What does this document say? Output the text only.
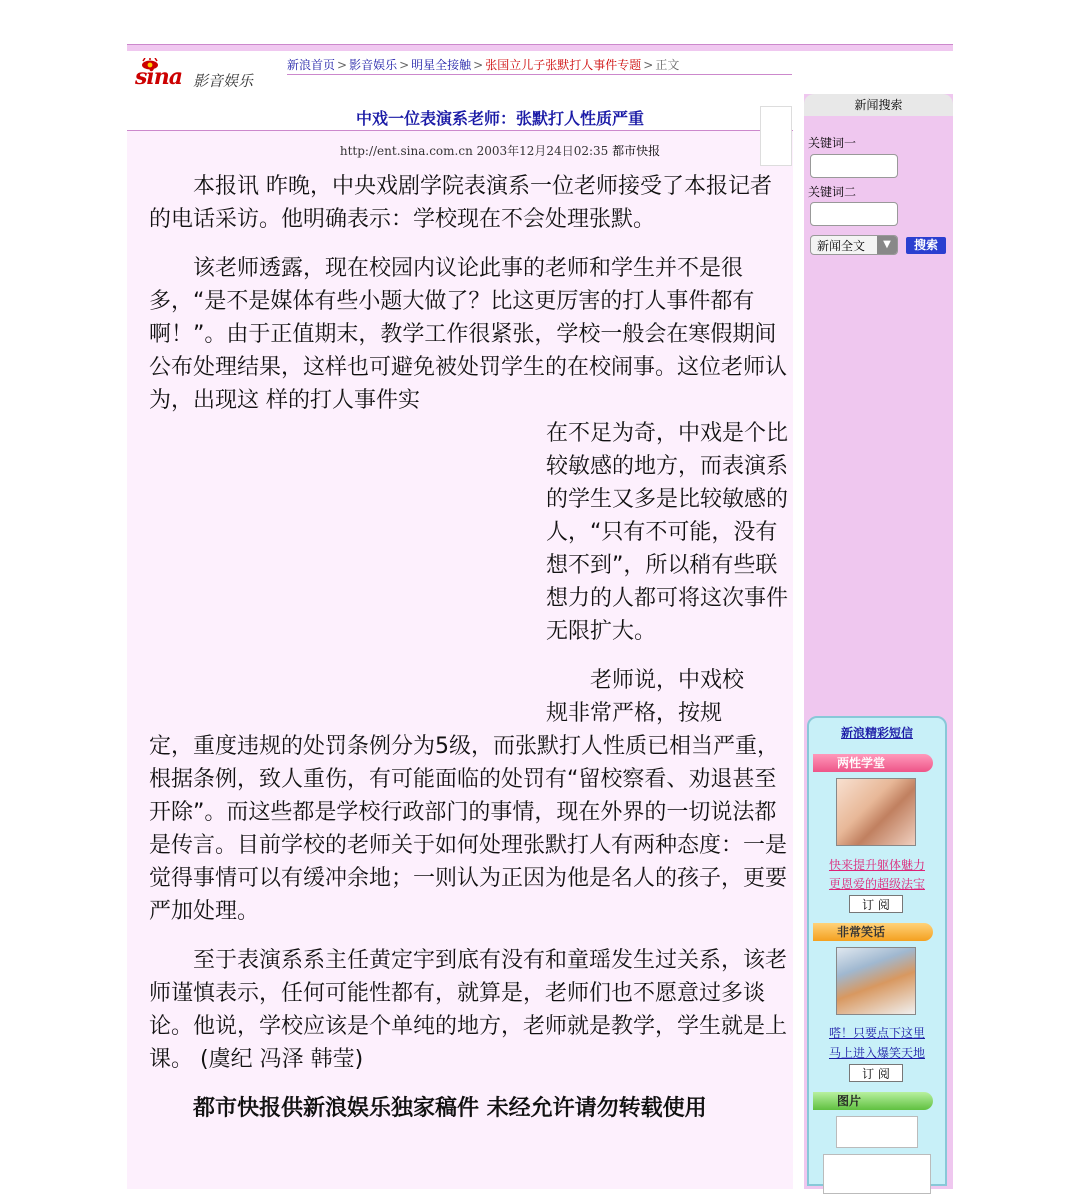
sina 影音娱乐
新浪首页 > 影音娱乐 > 明星全接触 > 张国立儿子张默打人事件专题 > 正文
中戏一位表演系老师：张默打人性质严重
http://ent.sina.com.cn 2003年12月24日02:35 都市快报

本报讯 昨晚，中央戏剧学院表演系一位老师接受了本报记者的电话采访。他明确表示：学校现在不会处理张默。

该老师透露，现在校园内议论此事的老师和学生并不是很多，“是不是媒体有些小题大做了？比这更厉害的打人事件都有啊！”。由于正值期末，教学工作很紧张，学校一般会在寒假期间公布处理结果，这样也可避免被处罚学生的在校闹事。这位老师认为，出现这 样的打人事件实

在不足为奇，中戏是个比较敏感的地方，而表演系的学生又多是比较敏感的人，“只有不可能，没有想不到”，所以稍有些联想力的人都可将这次事件无限扩大。

老师说，中戏校规非常严格，按规

定，重度违规的处罚条例分为5级，而张默打人性质已相当严重，根据条例，致人重伤，有可能面临的处罚有“留校察看、劝退甚至开除”。而这些都是学校行政部门的事情，现在外界的一切说法都是传言。目前学校的老师关于如何处理张默打人有两种态度：一是觉得事情可以有缓冲余地；一则认为正因为他是名人的孩子，更要严加处理。

至于表演系系主任黄定宇到底有没有和童瑶发生过关系，该老师谨慎表示，任何可能性都有，就算是，老师们也不愿意过多谈论。他说，学校应该是个单纯的地方，老师就是教学，学生就是上课。 (虞纪 冯泽 韩莹)

都市快报供新浪娱乐独家稿件 未经允许请勿转载使用

新闻搜索
关键词一
关键词二
新闻全文	▼	搜索
新浪精彩短信
两性学堂
快来提升躯体魅力
更恩爱的超级法宝
订 阅
非常笑话
嗒！只要点下这里
马上进入爆笑天地
订 阅
图片
